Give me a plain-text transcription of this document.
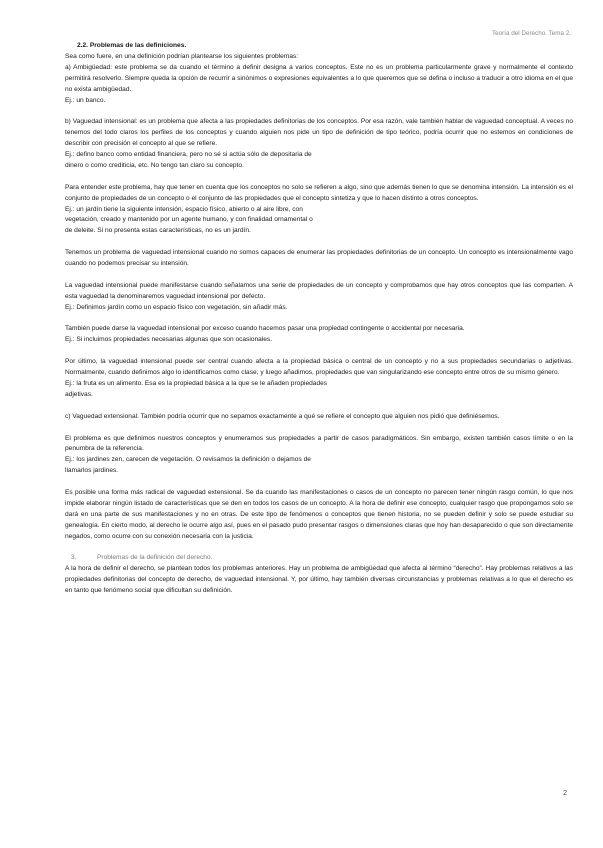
Teoría del Derecho. Tema 2.

2.2. Problemas de las definiciones.

Sea como fuere, en una definición podrían plantearse los siguientes problemas:

a) Ambigüedad: este problema se da cuando el término a definir designa a varios conceptos. Este no es un problema particularmente grave y normalmente el contexto permitirá resolverlo. Siempre queda la opción de recurrir a sinónimos o expresiones equivalentes a lo que queremos que se defina o incluso a traducir a otro idioma en el que no exista ambigüedad.

Ej.: un banco.

b) Vaguedad intensional: es un problema que afecta a las propiedades definitorias de los conceptos. Por esa razón, vale también hablar de vaguedad conceptual. A veces no tenemos del todo claros los perfiles de los conceptos y cuando alguien nos pide un tipo de definición de tipo teórico, podría ocurrir que no estemos en condiciones de describir con precisión el concepto al que se refiere.

Ej.: defino banco como entidad financiera, pero no sé si actúa sólo de depositaria de

dinero o como crediticia, etc. No tengo tan claro su concepto.

Para entender este problema, hay que tener en cuenta que los conceptos no solo se refieren a algo, sino que además tienen lo que se denomina intensión. La intensión es el conjunto de propiedades de un concepto o el conjunto de las propiedades que el concepto sintetiza y que lo hacen distinto a otros conceptos.

Ej.: un jardín tiene la siguiente intensión, espacio físico, abierto o al aire libre, con

vegetación, creado y mantenido por un agente humano, y con finalidad ornamental o

de deleite. Si no presenta estas características, no es un jardín.

Tenemos un problema de vaguedad intensional cuando no somos capaces de enumerar las propiedades definitorias de un concepto. Un concepto es intensionalmente vago cuando no podemos precisar su intensión.

La vaguedad intensional puede manifestarse cuando señalamos una serie de propiedades de un concepto y comprobamos que hay otros conceptos que las comparten. A esta vaguedad la denominaremos vaguedad intensional por defecto.

Ej.: Definimos jardín como un espacio físico con vegetación, sin añadir más.

También puede darse la vaguedad intensional por exceso cuando hacemos pasar una propiedad contingente o accidental por necesaria.

Ej.: Si incluimos propiedades necesarias algunas que son ocasionales.

Por último, la vaguedad intensional puede ser central cuando afecta a la propiedad básica o central de un concepto y no a sus propiedades secundarias o adjetivas. Normalmente, cuando definimos algo lo identificamos como clase, y luego añadimos, propiedades que van singularizando ese concepto entre otros de su mismo género.

Ej.: la fruta es un alimento. Esa es la propiedad básica a la que se le añaden propiedades

adjetivas.

c) Vaguedad extensional. También podría ocurrir que no sepamos exactamente a qué se refiere el concepto que alguien nos pidió que definiésemos.

El problema es que definimos nuestros conceptos y enumeramos sus propiedades a partir de casos paradigmáticos. Sin embargo, existen también casos límite o en la penumbra de la referencia.

Ej.: los jardines zen, carecen de vegetación. O revisamos la definición o dejamos de

llamarlos jardines.

Es posible una forma más radical de vaguedad extensional. Se da cuando las manifestaciones o casos de un concepto no parecen tener ningún rasgo común, lo que nos impide elaborar ningún listado de características que se den en todos los casos de un concepto. A la hora de definir ese concepto, cualquier rasgo que propongamos solo se dará en una parte de sus manifestaciones y no en otras. De este tipo de fenómenos o conceptos que tienen historia, no se pueden definir y solo se puede estudiar su genealogía. En cierto modo, al derecho le ocurre algo así, pues en el pasado pudo presentar rasgos o dimensiones claras que hoy han desaparecido o que son directamente negados, como ocurre con su conexión necesaria con la justicia.

3.	Problemas de la definición del derecho.

A la hora de definir el derecho, se plantean todos los problemas anteriores. Hay un problema de ambigüedad que afecta al término “derecho”. Hay problemas relativos a las propiedades definitorias del concepto de derecho, de vaguedad intensional. Y, por último, hay también diversas circunstancias y problemas relativas a lo que el derecho es en tanto que fenómeno social que dificultan su definición.

2
